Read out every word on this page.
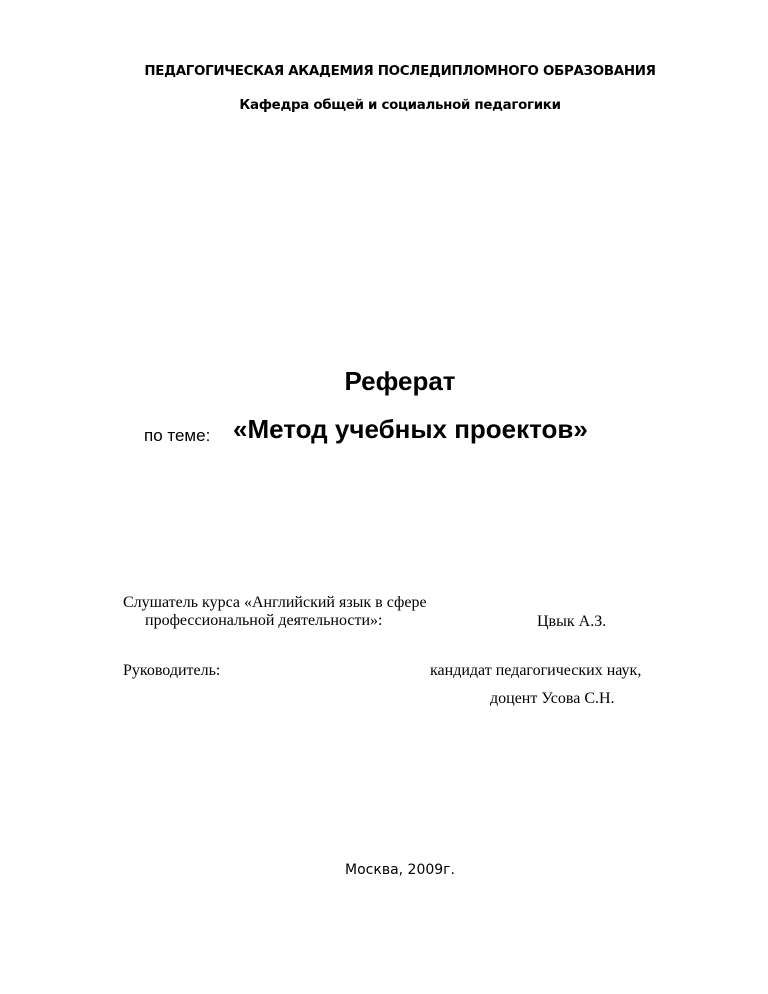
ПЕДАГОГИЧЕСКАЯ АКАДЕМИЯ ПОСЛЕДИПЛОМНОГО ОБРАЗОВАНИЯ
Кафедра общей и социальной педагогики
Реферат
по теме: «Метод учебных проектов»
Слушатель курса «Английский язык в сфере
профессиональной деятельности»:	Цвык А.З.
Руководитель:	кандидат педагогических наук,
доцент Усова С.Н.
Москва, 2009г.
